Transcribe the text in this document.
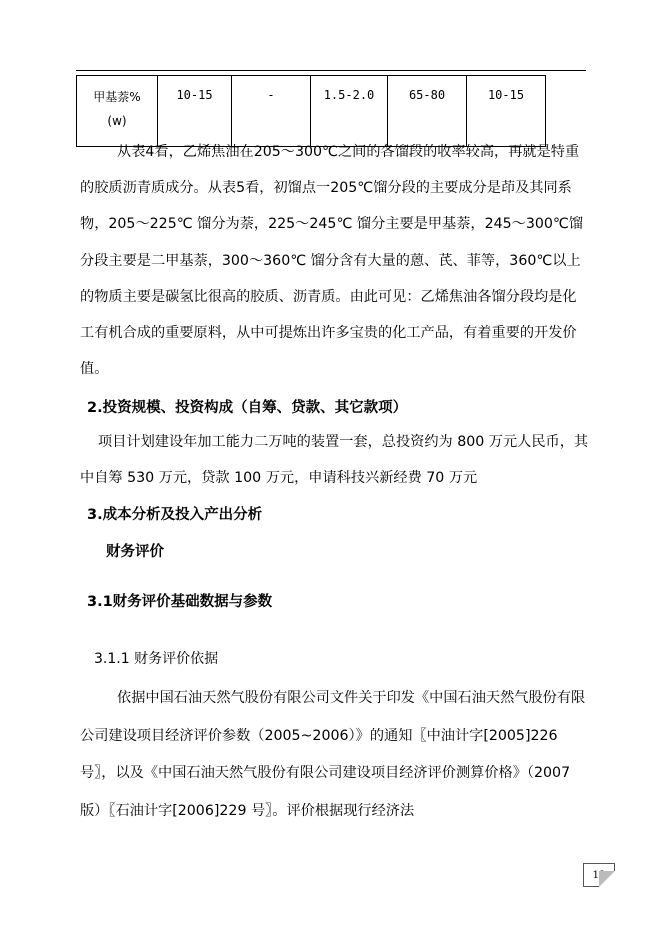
甲基萘%
(w)
	10-15	-	1.5-2.0	65-80	10-15

从表4看，乙烯焦油在205～300℃之间的各馏段的收率较高，再就是特重的胶质沥青质成分。从表5看，初馏点一205℃馏分段的主要成分是茚及其同系物，205～225℃ 馏分为萘，225～245℃ 馏分主要是甲基萘，245～300℃馏分段主要是二甲基萘，300～360℃ 馏分含有大量的蒽、芪、菲等，360℃以上的物质主要是碳氢比很高的胶质、沥青质。由此可见：乙烯焦油各馏分段均是化工有机合成的重要原料，从中可提炼出许多宝贵的化工产品，有着重要的开发价值。

2.投资规模、投资构成（自筹、贷款、其它款项）

项目计划建设年加工能力二万吨的装置一套，总投资约为 800 万元人民币，其中自筹 530 万元，贷款 100 万元，申请科技兴新经费 70 万元

3.成本分析及投入产出分析
财务评价
3.1财务评价基础数据与参数
3.1.1 财务评价依据

依据中国石油天然气股份有限公司文件关于印发《中国石油天然气股份有限公司建设项目经济评价参数（2005~2006）》的通知〖中油计字[2005]226 号〗，以及《中国石油天然气股份有限公司建设项目经济评价测算价格》（2007 版）〖石油计字[2006]229 号〗。评价根据现行经济法

13
